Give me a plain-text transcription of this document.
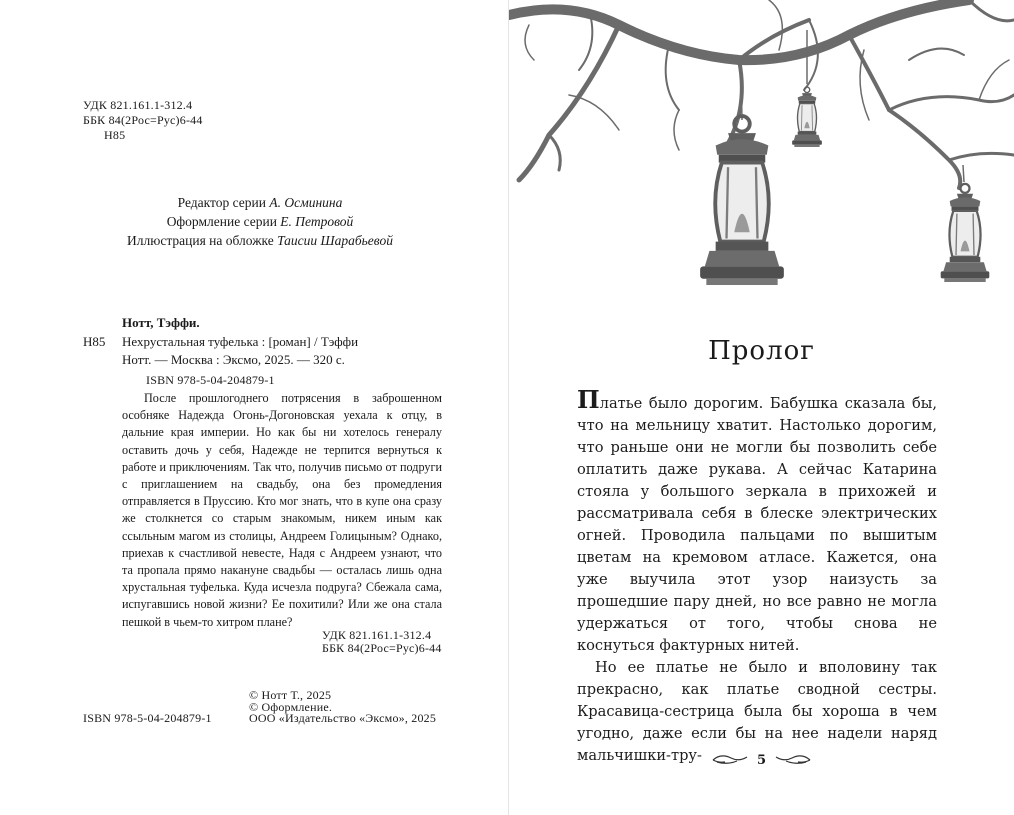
УДК 821.161.1-312.4

ББК 84(2Рос=Рус)6-44

Н85

Редактор серии А. Осминина
Оформление серии Е. Петровой
Иллюстрация на обложке Таисии Шарабьевой

Нотт, Тэффи.

Н85 Нехрустальная туфелька : [роман] / Тэффи

Нотт. — Москва : Эксмо, 2025. — 320 с.

ISBN 978-5-04-204879-1

После прошлогоднего потрясения в заброшенном особняке Надежда Огонь-Догоновская уехала к отцу, в дальние края империи. Но как бы ни хотелось генералу оставить дочь у себя, Надежде не терпится вернуться к работе и приключениям. Так что, получив письмо от подруги с приглашением на свадьбу, она без промедления отправляется в Пруссию. Кто мог знать, что в купе она сразу же столкнется со старым знакомым, никем иным как ссыльным магом из столицы, Андреем Голицыным? Однако, приехав к счастливой невесте, Надя с Андреем узнают, что та пропала прямо накануне свадьбы — осталась лишь одна хрустальная туфелька. Куда исчезла подруга? Сбежала сама, испугавшись новой жизни? Ее похитили? Или же она стала пешкой в чьем-то хитром плане?

УДК 821.161.1-312.4

ББК 84(2Рос=Рус)6-44

© Нотт Т., 2025

© Оформление.

ООО «Издательство «Эксмо», 2025

ISBN 978-5-04-204879-1

Пролог

Платье было дорогим. Бабушка сказала бы, что на мельницу хватит. Настолько дорогим, что раньше они не могли бы позволить себе оплатить даже рукава. А сейчас Катарина стояла у большого зеркала в прихожей и рассматривала себя в блеске электрических огней. Проводила пальцами по вышитым цветам на кремовом атласе. Кажется, она уже выучила этот узор наизусть за прошедшие пару дней, но все равно не могла удержаться от того, чтобы снова не коснуться фактурных нитей.

Но ее платье не было и вполовину так прекрасно, как платье сводной сестры. Красавица-сестрица была бы хороша в чем угодно, даже если бы на нее надели наряд мальчишки-тру-	5
